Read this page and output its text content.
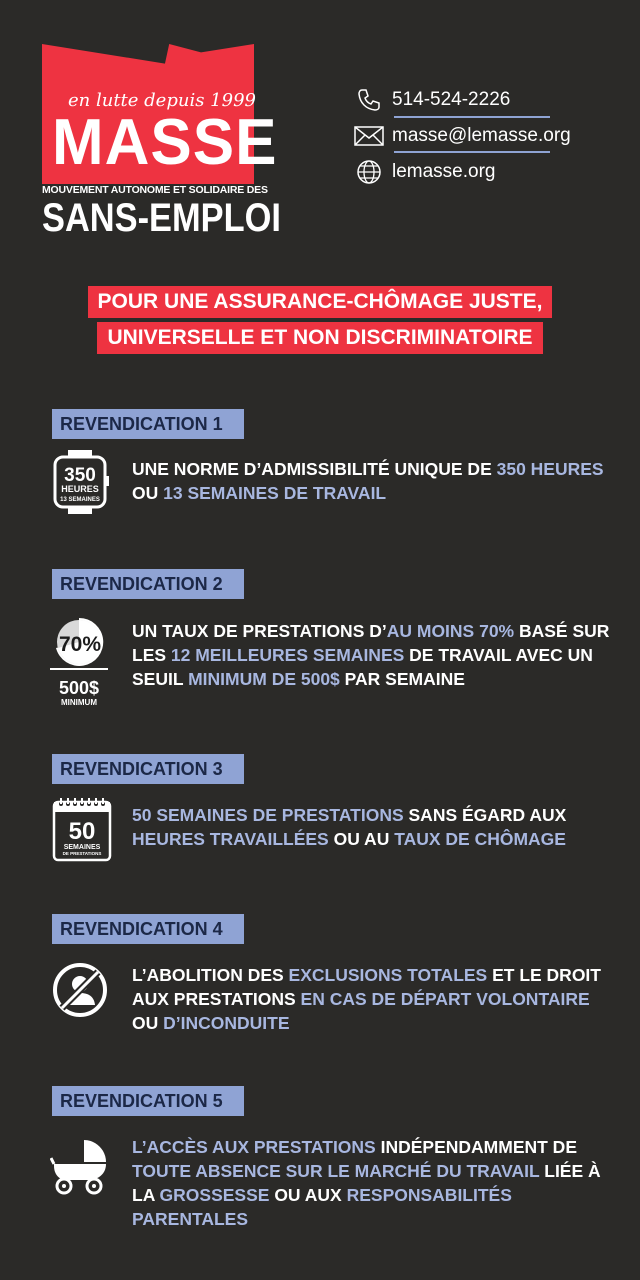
en lutte depuis 1999
MASSE
MOUVEMENT AUTONOME ET SOLIDAIRE DES
SANS-EMPLOI
514-524-2226
masse@lemasse.org
lemasse.org
POUR UNE ASSURANCE-CHÔMAGE JUSTE,
UNIVERSELLE ET NON DISCRIMINATOIRE
REVENDICATION 1
350
HEURES
13 SEMAINES
UNE NORME D’ADMISSIBILITÉ UNIQUE DE 350 HEURES OU 13 SEMAINES DE TRAVAIL
REVENDICATION 2
70%
500$
MINIMUM
UN TAUX DE PRESTATIONS D’AU MOINS 70% BASÉ SUR LES 12 MEILLEURES SEMAINES DE TRAVAIL AVEC UN SEUIL MINIMUM DE 500$ PAR SEMAINE
REVENDICATION 3
50
SEMAINES
DE PRESTATIONS
50 SEMAINES DE PRESTATIONS SANS ÉGARD AUX HEURES TRAVAILLÉES OU AU TAUX DE CHÔMAGE
REVENDICATION 4
L’ABOLITION DES EXCLUSIONS TOTALES ET LE DROIT AUX PRESTATIONS EN CAS DE DÉPART VOLONTAIRE OU D’INCONDUITE
REVENDICATION 5
L’ACCÈS AUX PRESTATIONS INDÉPENDAMMENT DE TOUTE ABSENCE SUR LE MARCHÉ DU TRAVAIL LIÉE À LA GROSSESSE OU AUX RESPONSABILITÉS PARENTALES
